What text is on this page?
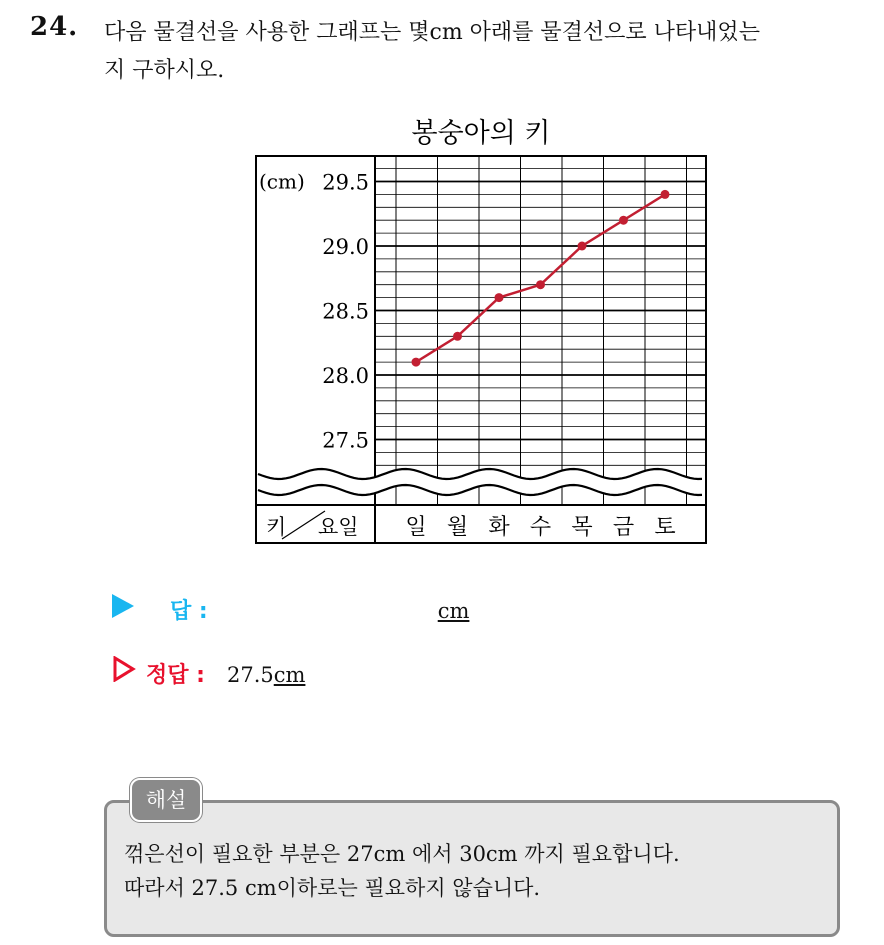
24. 다음 물결선을 사용한 그래프는 몇cm 아래를 물결선으로 나타내었는
지 구하시오.
봉숭아의 키
(cm) 29.5
29.0
28.5
28.0
27.5
키 요일 일 월 화 수 목 금 토
답 :	cm
정답 : 27.5 cm
해설
꺾은선이 필요한 부분은 27cm 에서 30cm 까지 필요합니다.
따라서 27.5 cm이하로는 필요하지 않습니다.
